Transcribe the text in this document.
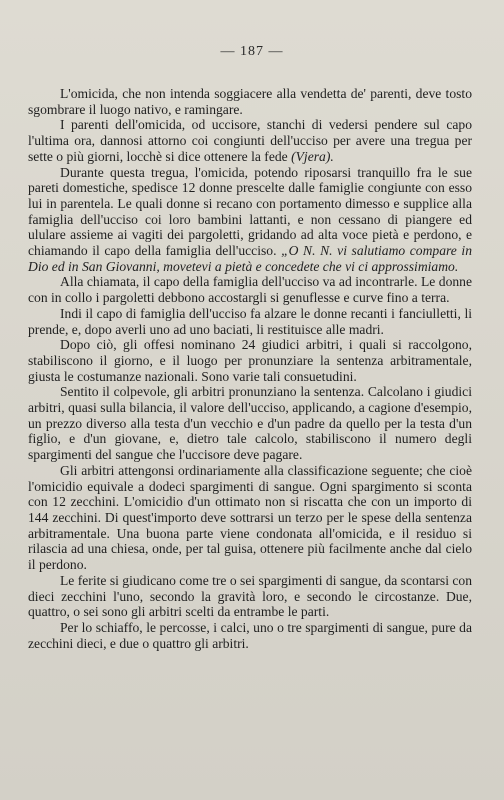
— 187 —

L'omicida, che non intenda soggiacere alla vendetta de' parenti, deve tosto sgombrare il luogo nativo, e ramingare.

I parenti dell'omicida, od uccisore, stanchi di vedersi pendere sul capo l'ultima ora, dannosi attorno coi congiunti dell'ucciso per avere una tregua per sette o più giorni, locchè si dice ottenere la fede (Vjera).

Durante questa tregua, l'omicida, potendo riposarsi tranquillo fra le sue pareti domestiche, spedisce 12 donne prescelte dalle famiglie congiunte con esso lui in parentela. Le quali donne si recano con portamento dimesso e supplice alla famiglia dell'ucciso coi loro bambini lattanti, e non cessano di piangere ed ululare assieme ai vagiti dei pargoletti, gridando ad alta voce pietà e perdono, e chiamando il capo della famiglia dell'ucciso. „O N. N. vi salutiamo compare in Dio ed in San Giovanni, movetevi a pietà e concedete che vi ci approssimiamo.

Alla chiamata, il capo della famiglia dell'ucciso va ad incontrarle. Le donne con in collo i pargoletti debbono accostargli si genuflesse e curve fino a terra.

Indi il capo di famiglia dell'ucciso fa alzare le donne recanti i fanciulletti, li prende, e, dopo averli uno ad uno baciati, li restituisce alle madri.

Dopo ciò, gli offesi nominano 24 giudici arbitri, i quali si raccolgono, stabiliscono il giorno, e il luogo per pronunziare la sentenza arbitramentale, giusta le costumanze nazionali. Sono varie tali consuetudini.

Sentito il colpevole, gli arbitri pronunziano la sentenza. Calcolano i giudici arbitri, quasi sulla bilancia, il valore dell'ucciso, applicando, a cagione d'esempio, un prezzo diverso alla testa d'un vecchio e d'un padre da quello per la testa d'un figlio, e d'un giovane, e, dietro tale calcolo, stabiliscono il numero degli spargimenti del sangue che l'uccisore deve pagare.

Gli arbitri attengonsi ordinariamente alla classificazione seguente; che cioè l'omicidio equivale a dodeci spargimenti di sangue. Ogni spargimento si sconta con 12 zecchini. L'omicidio d'un ottimato non si riscatta che con un importo di 144 zecchini. Di quest'importo deve sottrarsi un terzo per le spese della sentenza arbitramentale. Una buona parte viene condonata all'omicida, e il residuo si rilascia ad una chiesa, onde, per tal guisa, ottenere più facilmente anche dal cielo il perdono.

Le ferite si giudicano come tre o sei spargimenti di sangue, da scontarsi con dieci zecchini l'uno, secondo la gravità loro, e secondo le circostanze. Due, quattro, o sei sono gli arbitri scelti da entrambe le parti.

Per lo schiaffo, le percosse, i calci, uno o tre spargimenti di sangue, pure da zecchini dieci, e due o quattro gli arbitri.
